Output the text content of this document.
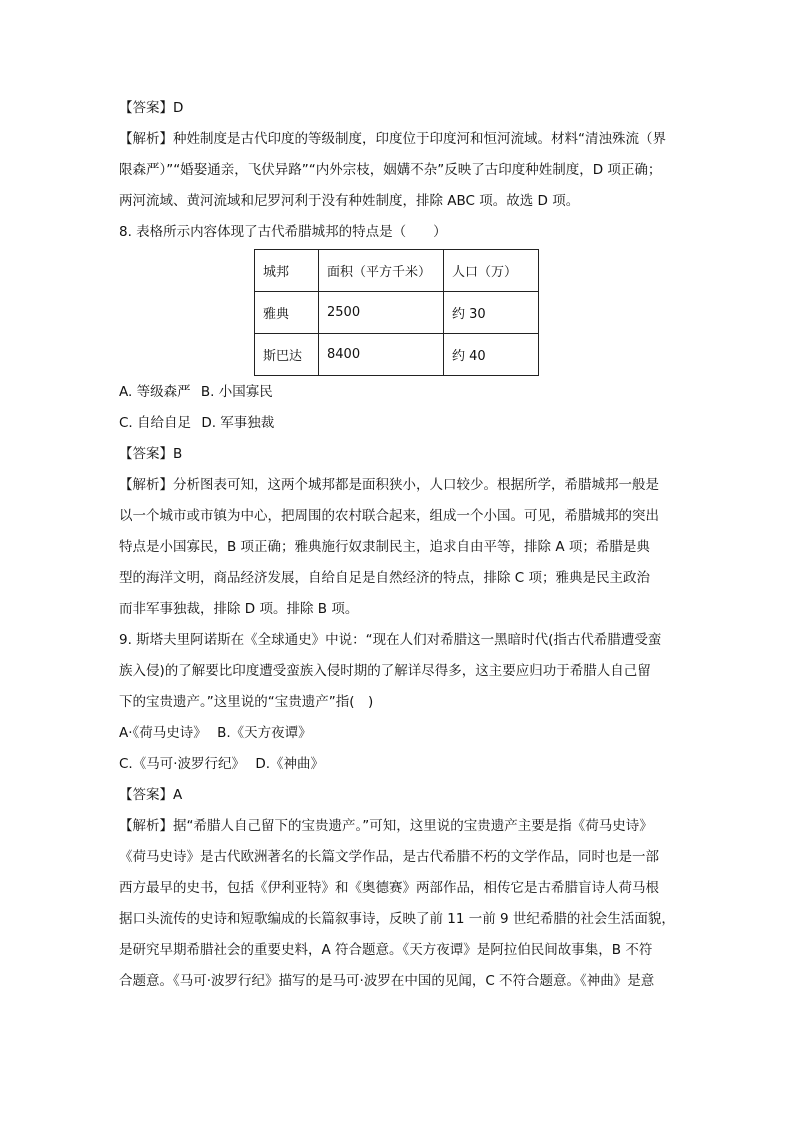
【答案】D

【解析】种姓制度是古代印度的等级制度，印度位于印度河和恒河流域。材料“清浊殊流（界

限森严）”“婚娶通亲，飞伏异路”“内外宗枝，姻媾不杂”反映了古印度种姓制度，D 项正确；

两河流域、黄河流域和尼罗河利于没有种姓制度，排除 ABC 项。故选 D 项。

8. 表格所示内容体现了古代希腊城邦的特点是（　　）

城邦	面积（平方千米）	人口（万）
雅典	2500	约 30
斯巴达	8400	约 40
A. 等级森严 B. 小国寡民
C. 自给自足 D. 军事独裁

【答案】B

【解析】分析图表可知，这两个城邦都是面积狭小，人口较少。根据所学，希腊城邦一般是

以一个城市或市镇为中心，把周围的农村联合起来，组成一个小国。可见，希腊城邦的突出

特点是小国寡民，B 项正确；雅典施行奴隶制民主，追求自由平等，排除 A 项；希腊是典

型的海洋文明，商品经济发展，自给自足是自然经济的特点，排除 C 项；雅典是民主政治

而非军事独裁，排除 D 项。排除 B 项。

9. 斯塔夫里阿诺斯在《全球通史》中说：“现在人们对希腊这一黑暗时代(指古代希腊遭受蛮

族入侵)的了解要比印度遭受蛮族入侵时期的了解详尽得多，这主要应归功于希腊人自己留

下的宝贵遗产。”这里说的“宝贵遗产”指(　)

A·《荷马史诗》 B.《天方夜谭》
C.《马可·波罗行纪》 D.《神曲》

【答案】A

【解析】据“希腊人自己留下的宝贵遗产。”可知，这里说的宝贵遗产主要是指《荷马史诗》

《荷马史诗》是古代欧洲著名的长篇文学作品，是古代希腊不朽的文学作品，同时也是一部

西方最早的史书，包括《伊利亚特》和《奥德赛》两部作品，相传它是古希腊盲诗人荷马根

据口头流传的史诗和短歌编成的长篇叙事诗，反映了前 11 一前 9 世纪希腊的社会生活面貌，

是研究早期希腊社会的重要史料，A 符合题意。《天方夜谭》是阿拉伯民间故事集，B 不符

合题意。《马可·波罗行纪》描写的是马可·波罗在中国的见闻，C 不符合题意。《神曲》是意
